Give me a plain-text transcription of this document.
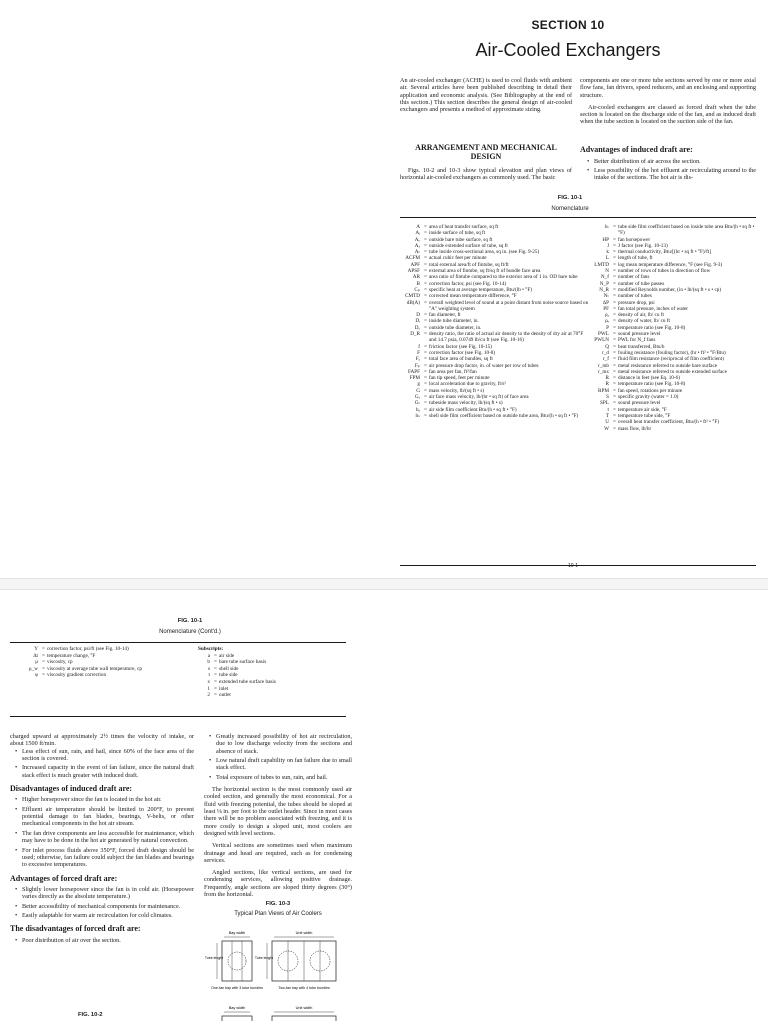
SECTION 10
Air-Cooled Exchangers

An air-cooled exchanger (ACHE) is used to cool fluids with ambient air. Several articles have been published describing in detail their application and economic analysis. (See Bibliography at the end of this section.) This section describes the general design of air-cooled exchangers and presents a method of approximate sizing.

components are one or more tube sections served by one or more axial flow fans, fan drivers, speed reducers, and an enclosing and supporting structure.

Air-cooled exchangers are classed as forced draft when the tube section is located on the discharge side of the fan, and as induced draft when the tube section is located on the suction side of the fan.

ARRANGEMENT AND MECHANICAL DESIGN

Figs. 10-2 and 10-3 show typical elevation and plan views of horizontal air-cooled exchangers as commonly used. The basic

Advantages of induced draft are:
• Better distribution of air across the section.
• Less possibility of the hot effluent air recirculating around to the intake of the sections. The hot air is dis-
FIG. 10-1
Nomenclature
A = area of heat transfer surface, sq ft
Aᵢ = inside surface of tube, sq ft
Aₒ = outside bare tube surface, sq ft
Aₓ = outside extended surface of tube, sq ft
Aₜ = tube inside cross-sectional area, sq in. (see Fig. 9-25)
ACFM = actual cubic feet per minute
APF = total external area/ft of fintube, sq ft/ft
APSF = external area of fintube, sq ft/sq ft of bundle face area
AR = area ratio of fintube compared to the exterior area of 1 in. OD bare tube
B = correction factor, psi (see Fig. 10-14)
Cₚ = specific heat at average temperature, Btu/(lb • °F)
CMTD = corrected mean temperature difference, °F
dB(A) = overall weighted level of sound at a point distant from noise source based on "A" weighting system
D = fan diameter, ft
Dᵢ = inside tube diameter, in.
Dₒ = outside tube diameter, in.
D_R = density ratio, the ratio of actual air density to the density of dry air at 70°F and 14.7 psia, 0.0749 lb/cu ft (see Fig. 10-16)
f = friction factor (see Fig. 10-15)
F = correction factor (see Fig. 10-8)
Fₐ = total face area of bundles, sq ft
Fₚ = air pressure drop factor, in. of water per row of tubes
FAPF = fan area per fan, ft²/fan
FPM = fan tip speed, feet per minute
g = local acceleration due to gravity, ft/s²
G = mass velocity, lb/(sq ft • s)
Gₐ = air face mass velocity, lb/(hr • sq ft) of face area
Gₜ = tubeside mass velocity, lb/(sq ft • s)
hₐ = air side film coefficient Btu/(h • sq ft • °F)
hₛ = shell side film coefficient based on outside tube area, Btu/(h • sq ft • °F)
hₜ = tube side film coefficient based on inside tube area Btu/(h • sq ft • °F)
HP = fan horsepower
J = J factor (see Fig. 10-13)
k = thermal conductivity, Btu/[(hr • sq ft • °F)/ft]
L = length of tube, ft
LMTD = log mean temperature difference, °F (see Fig. 9-3)
N = number of rows of tubes in direction of flow
N_f = number of fans
N_P = number of tube passes
N_R = modified Reynolds number, (in • lb/(sq ft • s • cp)
Nₜ = number of tubes
ΔP = pressure drop, psi
PF = fan total pressure, inches of water
ρₐ = density of air, lb/ cu ft
ρₑ = density of water, lb/ cu ft
P = temperature ratio (see Fig. 10-8)
PWL = sound pressure level
PWLN = PWL for N_f fans
Q = heat transferred, Btu/h
r_d = fouling resistance (fouling factor), (hr • ft² • °F/Btu)
r_f = fluid film resistance (reciprocal of film coefficient)
r_mb = metal resistance referred to outside bare surface
r_mx = metal resistance referred to outside extended surface
R = distance in feet (see Eq. 10-6)
R = temperature ratio (see Fig. 10-8)
RPM = fan speed, rotations per minute
S = specific gravity (water = 1.0)
SPL = sound pressure level
t = temperature air side, °F
T = temperature tube side, °F
U = overall heat transfer coefficient, Btu/(h • ft² • °F)
W = mass flow, lb/hr
10-1
FIG. 10-1
Nomenclature (Cont'd.)
Y = correction factor, psi/ft (see Fig. 10-14)
Δt = temperature change, °F
μ = viscosity, cp
μ_w = viscosity at average tube wall temperature, cp
φ = viscosity gradient correction
Subscripts:
a = air side
b = bare tube surface basis
s = shell side
t = tube side
x = extended tube surface basis
1 = inlet
2 = outlet

charged upward at approximately 2½ times the velocity of intake, or about 1500 ft/min.

• Less effect of sun, rain, and hail, since 60% of the face area of the section is covered.
• Increased capacity in the event of fan failure, since the natural draft stack effect is much greater with induced draft.
Disadvantages of induced draft are:
• Higher horsepower since the fan is located in the hot air.
• Effluent air temperature should be limited to 200°F, to prevent potential damage to fan blades, bearings, V-belts, or other mechanical components in the hot air stream.
• The fan drive components are less accessible for maintenance, which may have to be done in the hot air generated by natural convection.
• For inlet process fluids above 350°F, forced draft design should be used; otherwise, fan failure could subject the fan blades and bearings to excessive temperatures.
Advantages of forced draft are:
• Slightly lower horsepower since the fan is in cold air. (Horsepower varies directly as the absolute temperature.)
• Better accessibility of mechanical components for maintenance.
• Easily adaptable for warm air recirculation for cold climates.
The disadvantages of forced draft are:
• Poor distribution of air over the section.
FIG. 10-2
• Greatly increased possibility of hot air recirculation, due to low discharge velocity from the sections and absence of stack.
• Low natural draft capability on fan failure due to small stack effect.
• Total exposure of tubes to sun, rain, and hail.

The horizontal section is the most commonly used air cooled section, and generally the most economical. For a fluid with freezing potential, the tubes should be sloped at least ⅛ in. per foot to the outlet header. Since in most cases there will be no problem associated with freezing, and it is more costly to design a sloped unit, most coolers are designed with level sections.

Vertical sections are sometimes used when maximum drainage and head are required, such as for condensing services.

Angled sections, like vertical sections, are used for condensing services, allowing positive drainage. Frequently, angle sections are sloped thirty degrees (30°) from the horizontal.

FIG. 10-3
Typical Plan Views of Air Coolers
Bay width
Tube length
One-fan bay with 3 tube bundles
Unit width
Tube length
Two-fan bay with 4 tube bundles
Bay width	Unit width
